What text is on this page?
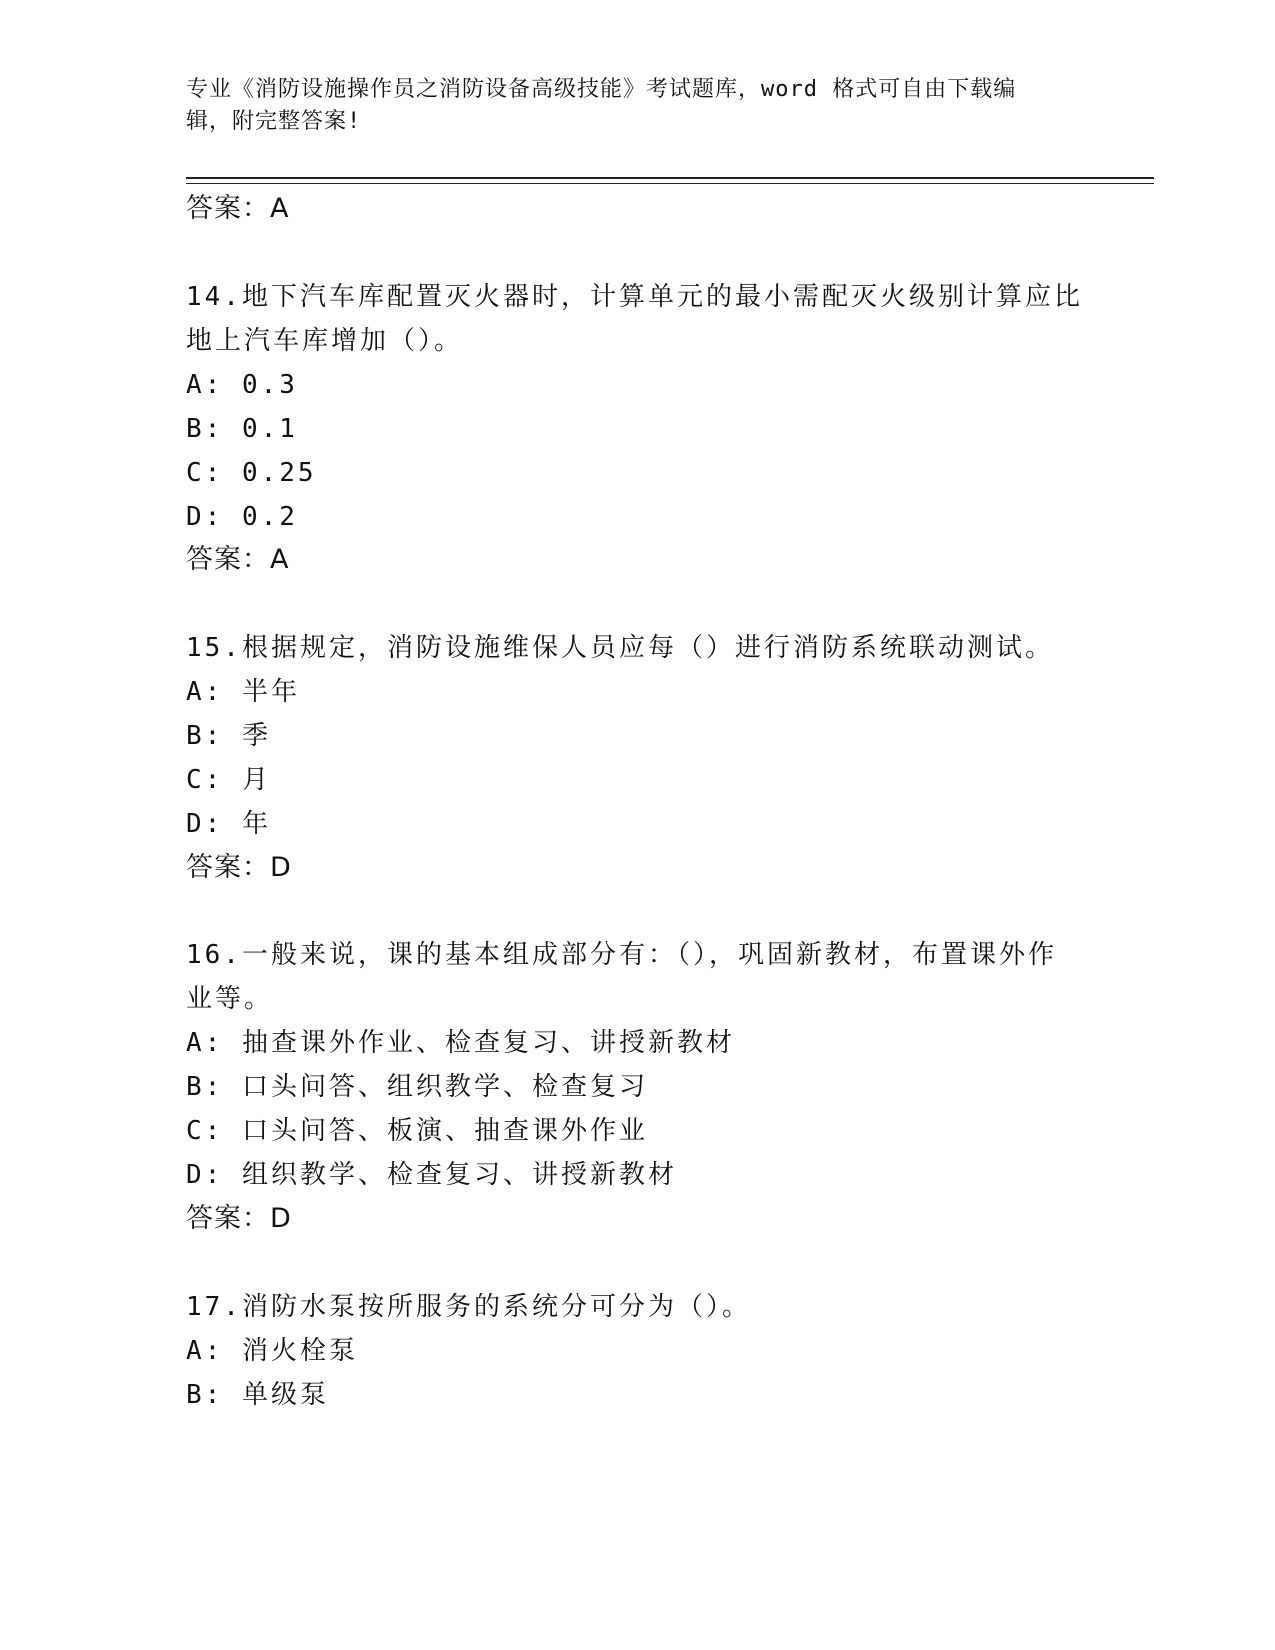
专业《消防设施操作员之消防设备高级技能》考试题库，word 格式可自由下载编
辑，附完整答案!
答案：A
14.地下汽车库配置灭火器时，计算单元的最小需配灭火级别计算应比
地上汽车库增加（）。
A: 0.3
B: 0.1
C: 0.25
D: 0.2
答案：A
15.根据规定，消防设施维保人员应每（）进行消防系统联动测试。
A: 半年
B: 季
C: 月
D: 年
答案：D
16.一般来说，课的基本组成部分有：（），巩固新教材，布置课外作
业等。
A: 抽查课外作业、检查复习、讲授新教材
B: 口头问答、组织教学、检查复习
C: 口头问答、板演、抽查课外作业
D: 组织教学、检查复习、讲授新教材
答案：D
17.消防水泵按所服务的系统分可分为（）。
A: 消火栓泵
B: 单级泵
